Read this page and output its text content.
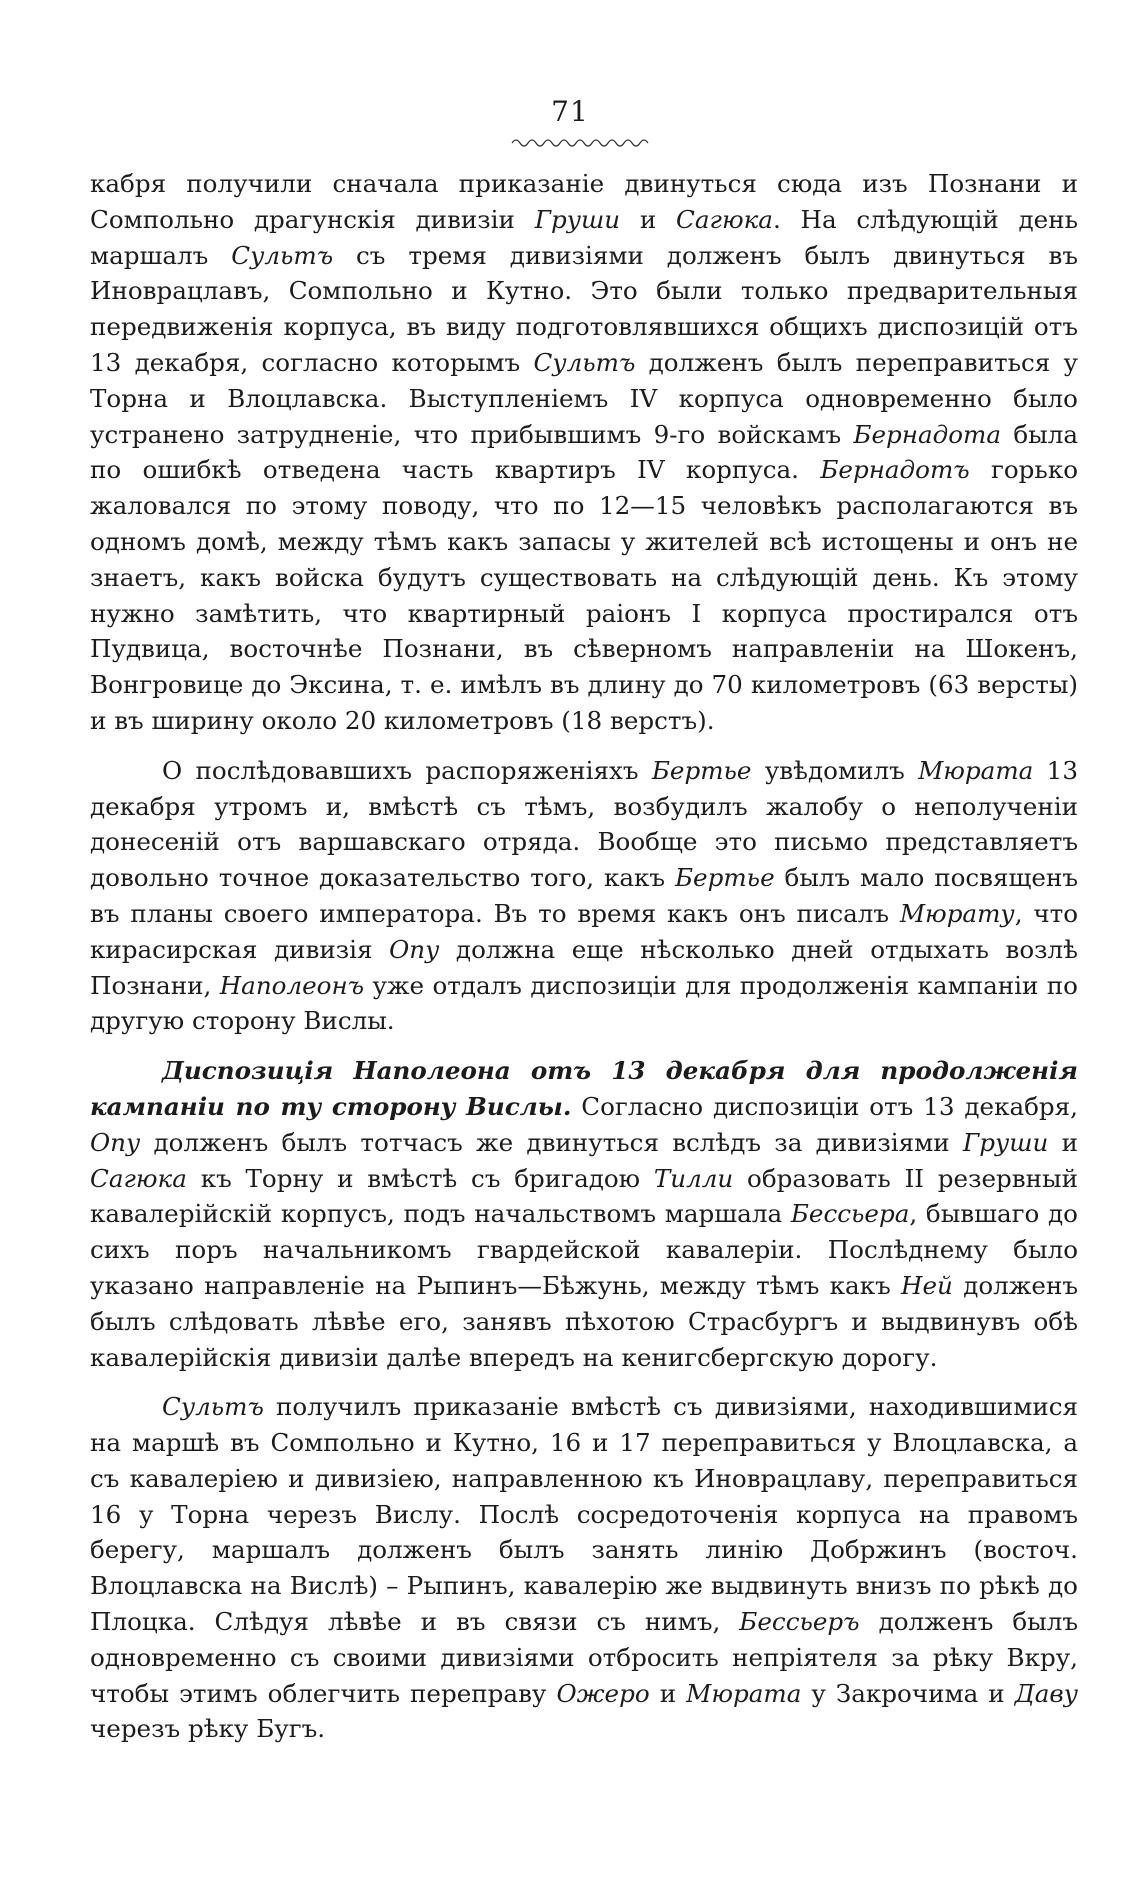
71

кабря получили сначала приказаніе двинуться сюда изъ Познани и Сомпольно драгунскія дивизіи Груши и Сагюка. На слѣдующій день маршалъ Сультъ съ тремя дивизіями долженъ былъ двинуться въ Иноврацлавъ, Сомпольно и Кутно. Это были только предварительныя передвиженія корпуса, въ виду подготовлявшихся общихъ диспозицій отъ 13 декабря, согласно которымъ Сультъ долженъ былъ переправиться у Торна и Влоцлавска. Выступленіемъ IV корпуса одновременно было устранено затрудненіе, что прибывшимъ 9-го войскамъ Бернадота была по ошибкѣ отведена часть квартиръ IV корпуса. Бернадотъ горько жаловался по этому поводу, что по 12—15 человѣкъ располагаются въ одномъ домѣ, между тѣмъ какъ запасы у жителей всѣ истощены и онъ не знаетъ, какъ войска будутъ существовать на слѣдующій день. Къ этому нужно замѣтить, что квартирный раіонъ I корпуса простирался отъ Пудвица, восточнѣе Познани, въ сѣверномъ направленіи на Шокенъ, Вонгровице до Эксина, т. е. имѣлъ въ длину до 70 километровъ (63 версты) и въ ширину около 20 километровъ (18 верстъ).

О послѣдовавшихъ распоряженіяхъ Бертье увѣдомилъ Мюрата 13 декабря утромъ и, вмѣстѣ съ тѣмъ, возбудилъ жалобу о неполученіи донесеній отъ варшавскаго отряда. Вообще это письмо представляетъ довольно точное доказательство того, какъ Бертье былъ мало посвященъ въ планы своего императора. Въ то время какъ онъ писалъ Мюрату, что кирасирская дивизія Опу должна еще нѣсколько дней отдыхать возлѣ Познани, Наполеонъ уже отдалъ диспозиціи для продолженія кампаніи по другую сторону Вислы.

Диспозиція Наполеона отъ 13 декабря для продолженія кампаніи по ту сторону Вислы. Согласно диспозиціи отъ 13 декабря, Опу долженъ былъ тотчасъ же двинуться вслѣдъ за дивизіями Груши и Сагюка къ Торну и вмѣстѣ съ бригадою Тилли образовать II резервный кавалерійскій корпусъ, подъ начальствомъ маршала Бессьера, бывшаго до сихъ поръ начальникомъ гвардейской кавалеріи. Послѣднему было указано направленіе на Рыпинъ—Бѣжунь, между тѣмъ какъ Ней долженъ былъ слѣдовать лѣвѣе его, занявъ пѣхотою Страсбургъ и выдвинувъ обѣ кавалерійскія дивизіи далѣе впередъ на кенигсбергскую дорогу.

Сультъ получилъ приказаніе вмѣстѣ съ дивизіями, находившимися на маршѣ въ Сомпольно и Кутно, 16 и 17 переправиться у Влоцлавска, а съ кавалеріею и дивизіею, направленною къ Иноврацлаву, переправиться 16 у Торна черезъ Вислу. Послѣ сосредоточенія корпуса на правомъ берегу, маршалъ долженъ былъ занять линію Добржинъ (восточ. Влоцлавска на Вислѣ) – Рыпинъ, кавалерію же выдвинуть внизъ по рѣкѣ до Плоцка. Слѣдуя лѣвѣе и въ связи съ нимъ, Бессьеръ долженъ былъ одновременно съ своими дивизіями отбросить непріятеля за рѣку Вкру, чтобы этимъ облегчить переправу Ожеро и Мюрата у Закрочима и Даву черезъ рѣку Бугъ.
